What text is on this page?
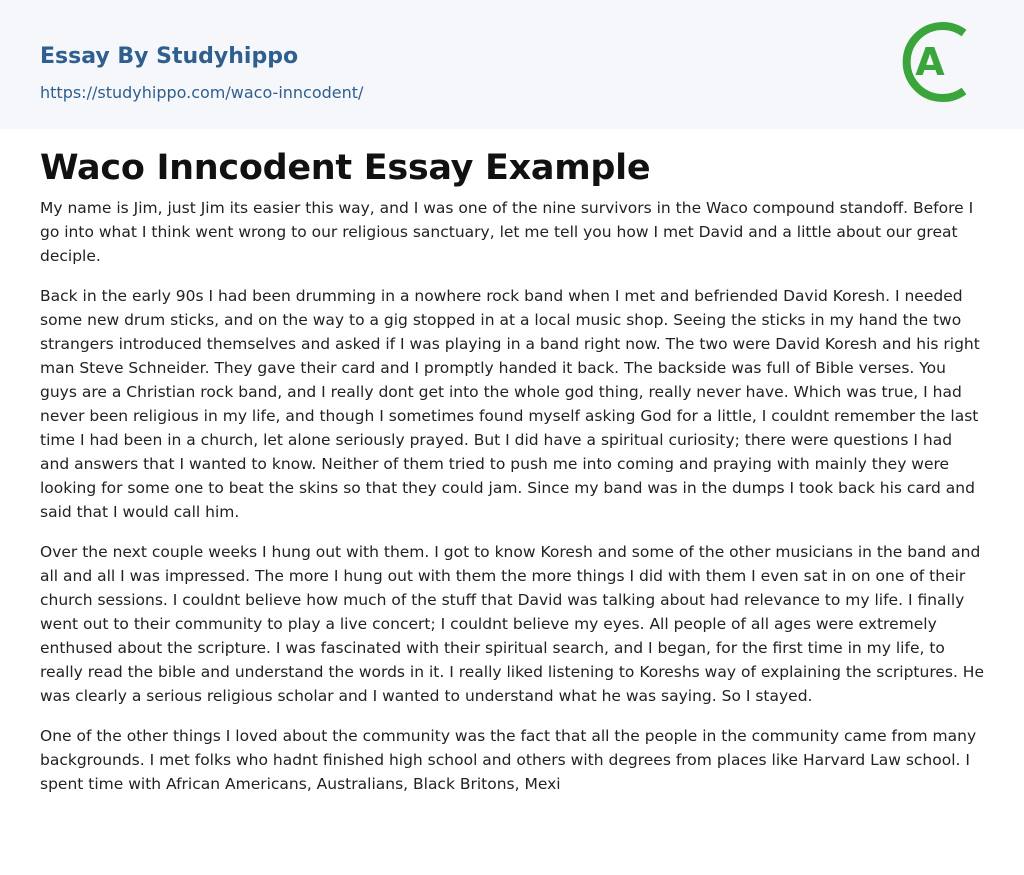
Essay By Studyhippo
https://studyhippo.com/waco-inncodent/
A
Waco Inncodent Essay Example

My name is Jim, just Jim its easier this way, and I was one of the nine survivors in the Waco compound standoff. Before I go into what I think went wrong to our religious sanctuary, let me tell you how I met David and a little about our great deciple.

Back in the early 90s I had been drumming in a nowhere rock band when I met and befriended David Koresh. I needed some new drum sticks, and on the way to a gig stopped in at a local music shop. Seeing the sticks in my hand the two strangers introduced themselves and asked if I was playing in a band right now. The two were David Koresh and his right man Steve Schneider. They gave their card and I promptly handed it back. The backside was full of Bible verses. You guys are a Christian rock band, and I really dont get into the whole god thing, really never have. Which was true, I had never been religious in my life, and though I sometimes found myself asking God for a little, I couldnt remember the last time I had been in a church, let alone seriously prayed. But I did have a spiritual curiosity; there were questions I had and answers that I wanted to know. Neither of them tried to push me into coming and praying with mainly they were looking for some one to beat the skins so that they could jam. Since my band was in the dumps I took back his card and said that I would call him.

Over the next couple weeks I hung out with them. I got to know Koresh and some of the other musicians in the band and all and all I was impressed. The more I hung out with them the more things I did with them I even sat in on one of their church sessions. I couldnt believe how much of the stuff that David was talking about had relevance to my life. I finally went out to their community to play a live concert; I couldnt believe my eyes. All people of all ages were extremely enthused about the scripture. I was fascinated with their spiritual search, and I began, for the first time in my life, to really read the bible and understand the words in it. I really liked listening to Koreshs way of explaining the scriptures. He was clearly a serious religious scholar and I wanted to understand what he was saying. So I stayed.

One of the other things I loved about the community was the fact that all the people in the community came from many backgrounds. I met folks who hadnt finished high school and others with degrees from places like Harvard Law school. I spent time with African Americans, Australians, Black Britons, Mexi
